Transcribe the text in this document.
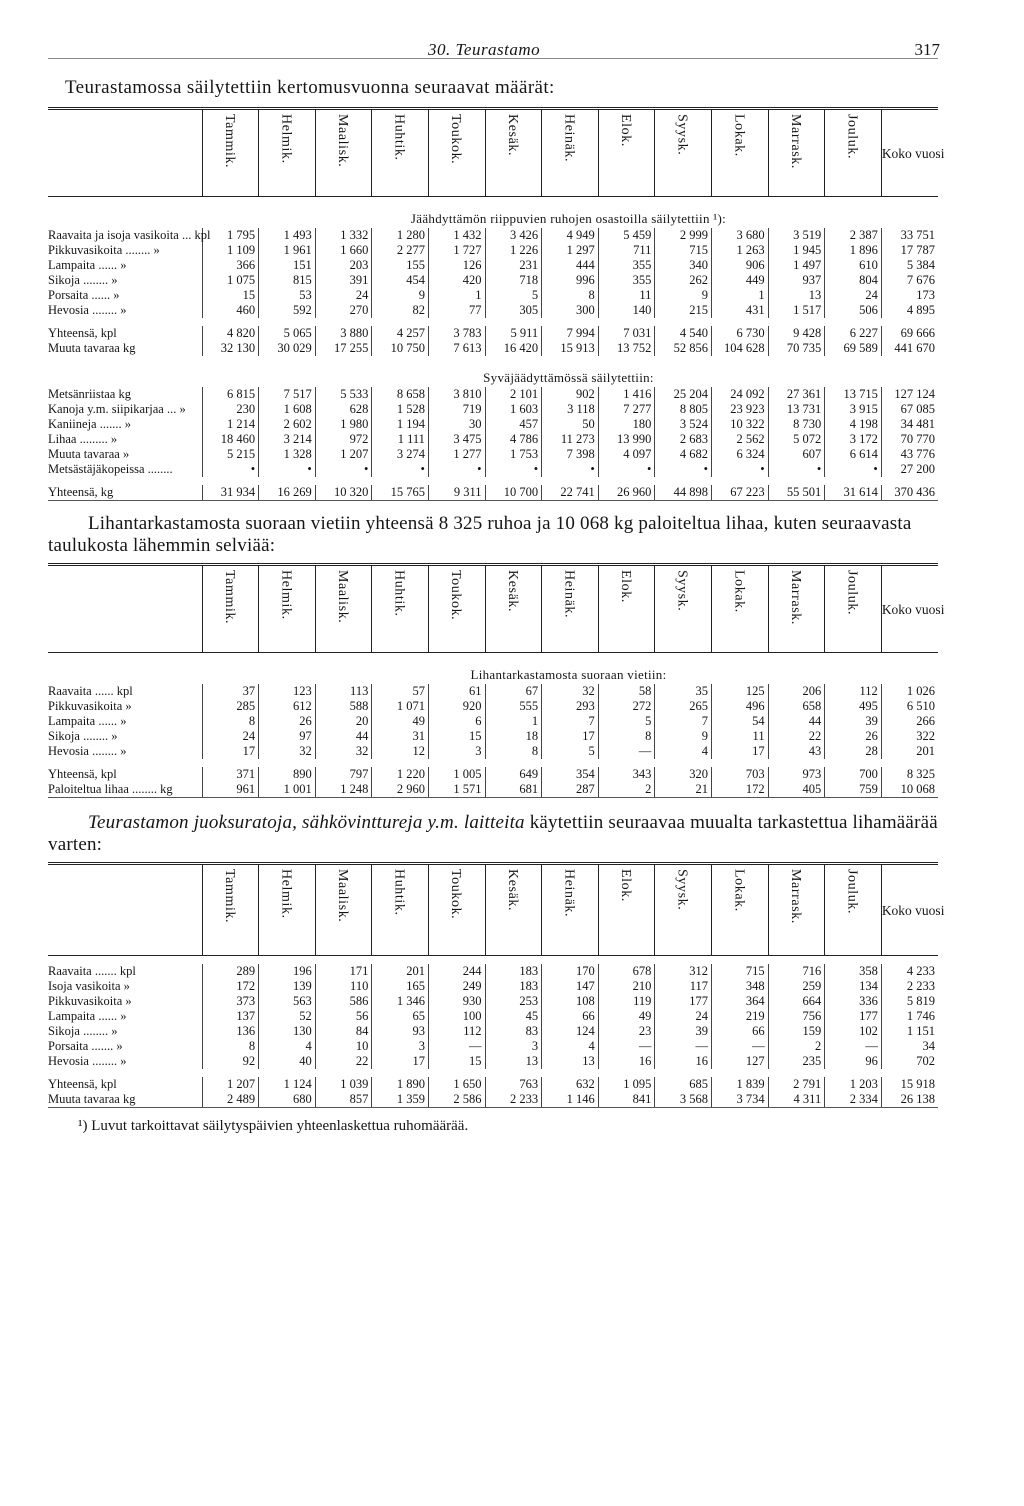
30. Teurastamo	317
Teurastamossa säilytettiin kertomusvuonna seuraavat määrät:
	Tammik.	Helmik.	Maalisk.	Huhtik.	Toukok.	Kesäk.	Heinäk.	Elok.	Syysk.	Lokak.	Marrask.	Jouluk.	Koko vuosi
	Jäähdyttämön riippuvien ruhojen osastoilla säilytettiin ¹):												
Raavaita ja isoja vasikoita ... kpl	1 795	1 493	1 332	1 280	1 432	3 426	4 949	5 459	2 999	3 680	3 519	2 387	33 751
Pikkuvasikoita ........ »	1 109	1 961	1 660	2 277	1 727	1 226	1 297	711	715	1 263	1 945	1 896	17 787
Lampaita ...... »	366	151	203	155	126	231	444	355	340	906	1 497	610	5 384
Sikoja ........ »	1 075	815	391	454	420	718	996	355	262	449	937	804	7 676
Porsaita ...... »	15	53	24	9	1	5	8	11	9	1	13	24	173
Hevosia ........ »	460	592	270	82	77	305	300	140	215	431	1 517	506	4 895

Yhteensä, kpl	4 820	5 065	3 880	4 257	3 783	5 911	7 994	7 031	4 540	6 730	9 428	6 227	69 666
Muuta tavaraa kg	32 130	30 029	17 255	10 750	7 613	16 420	15 913	13 752	52 856	104 628	70 735	69 589	441 670
	Syväjäädyttämössä säilytettiin:												
Metsänriistaa kg	6 815	7 517	5 533	8 658	3 810	2 101	902	1 416	25 204	24 092	27 361	13 715	127 124
Kanoja y.m. siipikarjaa ... »	230	1 608	628	1 528	719	1 603	3 118	7 277	8 805	23 923	13 731	3 915	67 085
Kaniineja ....... »	1 214	2 602	1 980	1 194	30	457	50	180	3 524	10 322	8 730	4 198	34 481
Lihaa ......... »	18 460	3 214	972	1 111	3 475	4 786	11 273	13 990	2 683	2 562	5 072	3 172	70 770
Muuta tavaraa »	5 215	1 328	1 207	3 274	1 277	1 753	7 398	4 097	4 682	6 324	607	6 614	43 776
Metsästäjäkopeissa ........	•	•	•	•	•	•	•	•	•	•	•	•	27 200

Yhteensä, kg	31 934	16 269	10 320	15 765	9 311	10 700	22 741	26 960	44 898	67 223	55 501	31 614	370 436

Lihantarkastamosta suoraan vietiin yhteensä 8 325 ruhoa ja 10 068 kg paloiteltua lihaa, kuten seuraavasta taulukosta lähemmin selviää:

	Tammik.	Helmik.	Maalisk.	Huhtik.	Toukok.	Kesäk.	Heinäk.	Elok.	Syysk.	Lokak.	Marrask.	Jouluk.	Koko vuosi
	Lihantarkastamosta suoraan vietiin:												
Raavaita ...... kpl	37	123	113	57	61	67	32	58	35	125	206	112	1 026
Pikkuvasikoita »	285	612	588	1 071	920	555	293	272	265	496	658	495	6 510
Lampaita ...... »	8	26	20	49	6	1	7	5	7	54	44	39	266
Sikoja ........ »	24	97	44	31	15	18	17	8	9	11	22	26	322
Hevosia ........ »	17	32	32	12	3	8	5	—	4	17	43	28	201

Yhteensä, kpl	371	890	797	1 220	1 005	649	354	343	320	703	973	700	8 325
Paloiteltua lihaa ........ kg	961	1 001	1 248	2 960	1 571	681	287	2	21	172	405	759	10 068

Teurastamon juoksuratoja, sähkövinttureja y.m. laitteita käytettiin seuraavaa muualta tarkastettua lihamäärää varten:

	Tammik.	Helmik.	Maalisk.	Huhtik.	Toukok.	Kesäk.	Heinäk.	Elok.	Syysk.	Lokak.	Marrask.	Jouluk.	Koko vuosi

Raavaita ....... kpl	289	196	171	201	244	183	170	678	312	715	716	358	4 233
Isoja vasikoita »	172	139	110	165	249	183	147	210	117	348	259	134	2 233
Pikkuvasikoita »	373	563	586	1 346	930	253	108	119	177	364	664	336	5 819
Lampaita ...... »	137	52	56	65	100	45	66	49	24	219	756	177	1 746
Sikoja ........ »	136	130	84	93	112	83	124	23	39	66	159	102	1 151
Porsaita ....... »	8	4	10	3	—	3	4	—	—	—	2	—	34
Hevosia ........ »	92	40	22	17	15	13	13	16	16	127	235	96	702

Yhteensä, kpl	1 207	1 124	1 039	1 890	1 650	763	632	1 095	685	1 839	2 791	1 203	15 918
Muuta tavaraa kg	2 489	680	857	1 359	2 586	2 233	1 146	841	3 568	3 734	4 311	2 334	26 138
¹) Luvut tarkoittavat säilytyspäivien yhteenlaskettua ruhomäärää.
